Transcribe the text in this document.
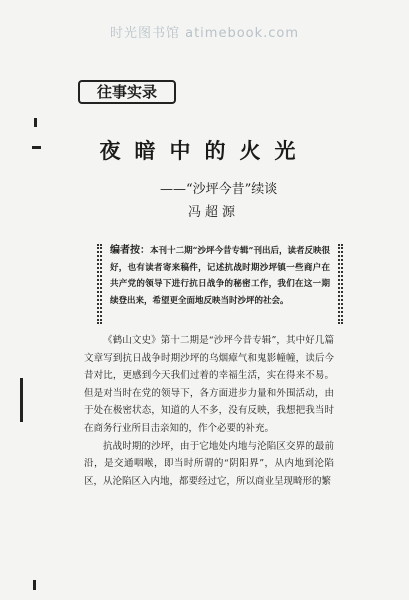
时光图书馆 atimebook.com
往事实录
夜暗中的火光
——“沙坪今昔”续谈
冯超源
编者按：本刊十二期“沙坪今昔专辑”刊出后，读者反映很好，也有读者寄来稿件，记述抗战时期沙坪镇一些商户在共产党的领导下进行抗日战争的秘密工作，我们在这一期续登出来，希望更全面地反映当时沙坪的社会。

《鹤山文史》第十二期是“沙坪今昔专辑”，其中好几篇文章写到抗日战争时期沙坪的乌烟瘴气和鬼影幢幢，读后今昔对比，更感到今天我们过着的幸福生活，实在得来不易。但是对当时在党的领导下，各方面进步力量和外围活动，由于处在极密状态，知道的人不多，没有反映，我想把我当时在商务行业所目击亲知的，作个必要的补充。

抗战时期的沙坪，由于它地处内地与沦陷区交界的最前沿，是交通咽喉，即当时所谓的“阴阳界”，从内地到沦陷区，从沦陷区入内地，都要经过它，所以商业呈现畸形的繁
